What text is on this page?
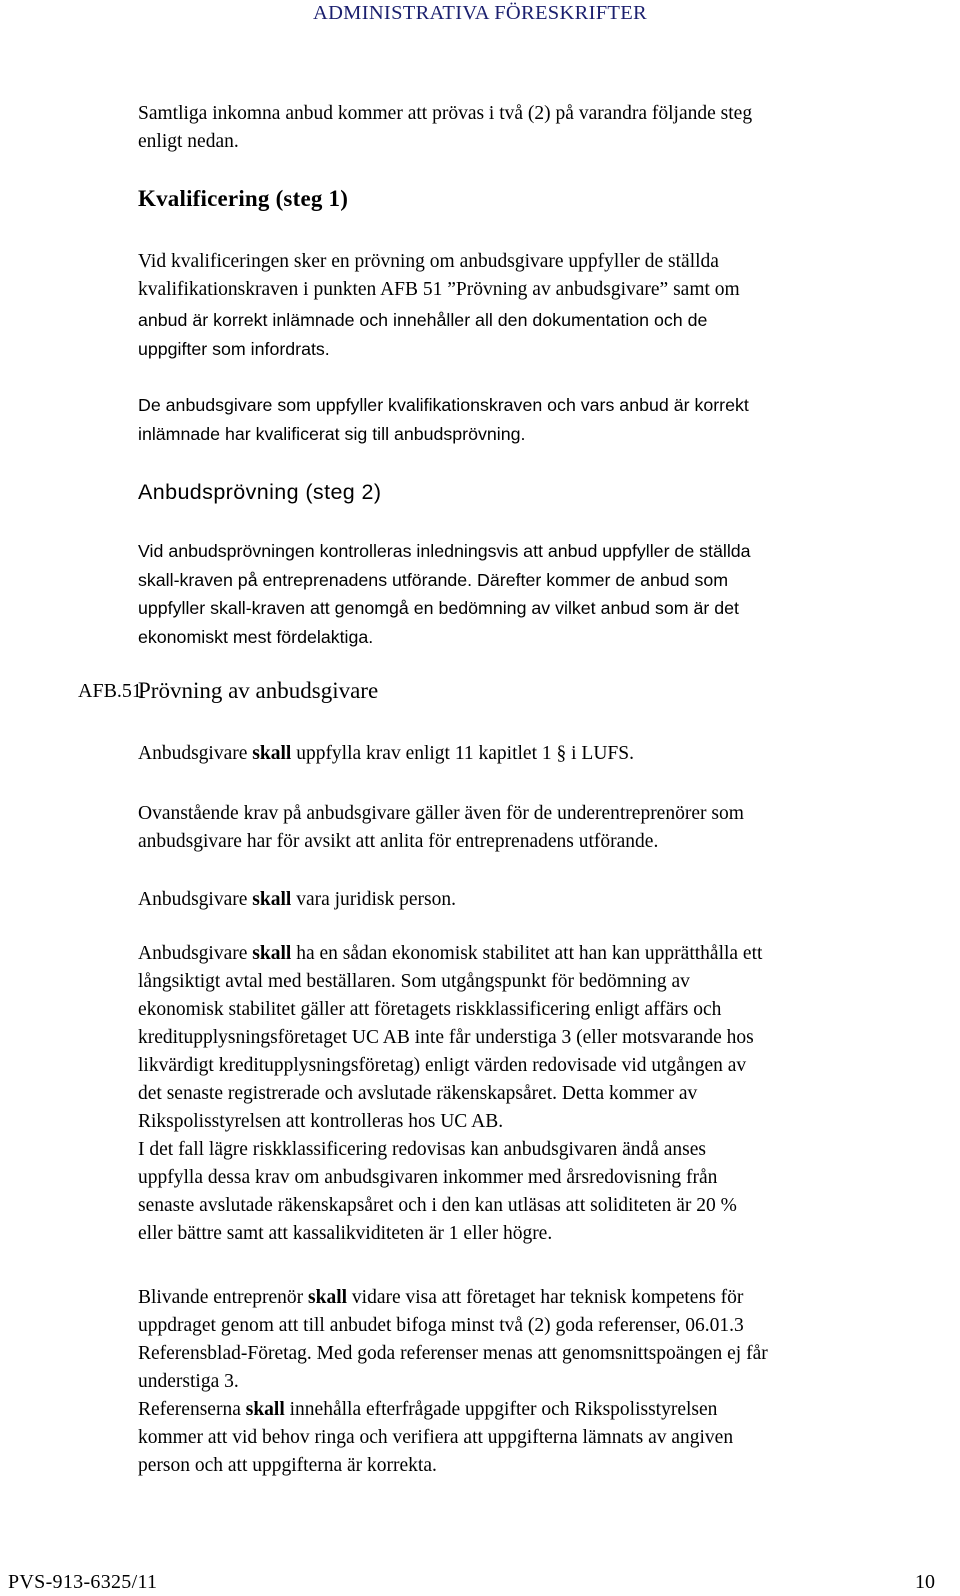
ADMINISTRATIVA FÖRESKRIFTER
Samtliga inkomna anbud kommer att prövas i två (2) på varandra följande steg
enligt nedan.
Kvalificering (steg 1)
Vid kvalificeringen sker en prövning om anbudsgivare uppfyller de ställda
kvalifikationskraven i punkten AFB 51 ”Prövning av anbudsgivare” samt om
anbud är korrekt inlämnade och innehåller all den dokumentation och de
uppgifter som infordrats.
De anbudsgivare som uppfyller kvalifikationskraven och vars anbud är korrekt
inlämnade har kvalificerat sig till anbudsprövning.
Anbudsprövning (steg 2)
Vid anbudsprövningen kontrolleras inledningsvis att anbud uppfyller de ställda
skall-kraven på entreprenadens utförande. Därefter kommer de anbud som
uppfyller skall-kraven att genomgå en bedömning av vilket anbud som är det
ekonomiskt mest fördelaktiga.
AFB.51
Prövning av anbudsgivare
Anbudsgivare skall uppfylla krav enligt 11 kapitlet 1 § i LUFS.
Ovanstående krav på anbudsgivare gäller även för de underentreprenörer som
anbudsgivare har för avsikt att anlita för entreprenadens utförande.
Anbudsgivare skall vara juridisk person.
Anbudsgivare skall ha en sådan ekonomisk stabilitet att han kan upprätthålla ett
långsiktigt avtal med beställaren. Som utgångspunkt för bedömning av
ekonomisk stabilitet gäller att företagets riskklassificering enligt affärs och
kreditupplysningsföretaget UC AB inte får understiga 3 (eller motsvarande hos
likvärdigt kreditupplysningsföretag) enligt värden redovisade vid utgången av
det senaste registrerade och avslutade räkenskapsåret. Detta kommer av
Rikspolisstyrelsen att kontrolleras hos UC AB.
I det fall lägre riskklassificering redovisas kan anbudsgivaren ändå anses
uppfylla dessa krav om anbudsgivaren inkommer med årsredovisning från
senaste avslutade räkenskapsåret och i den kan utläsas att soliditeten är 20 %
eller bättre samt att kassalikviditeten är 1 eller högre.
Blivande entreprenör skall vidare visa att företaget har teknisk kompetens för
uppdraget genom att till anbudet bifoga minst två (2) goda referenser, 06.01.3
Referensblad-Företag. Med goda referenser menas att genomsnittspoängen ej får
understiga 3.
Referenserna skall innehålla efterfrågade uppgifter och Rikspolisstyrelsen
kommer att vid behov ringa och verifiera att uppgifterna lämnats av angiven
person och att uppgifterna är korrekta.
PVS-913-6325/11	10
